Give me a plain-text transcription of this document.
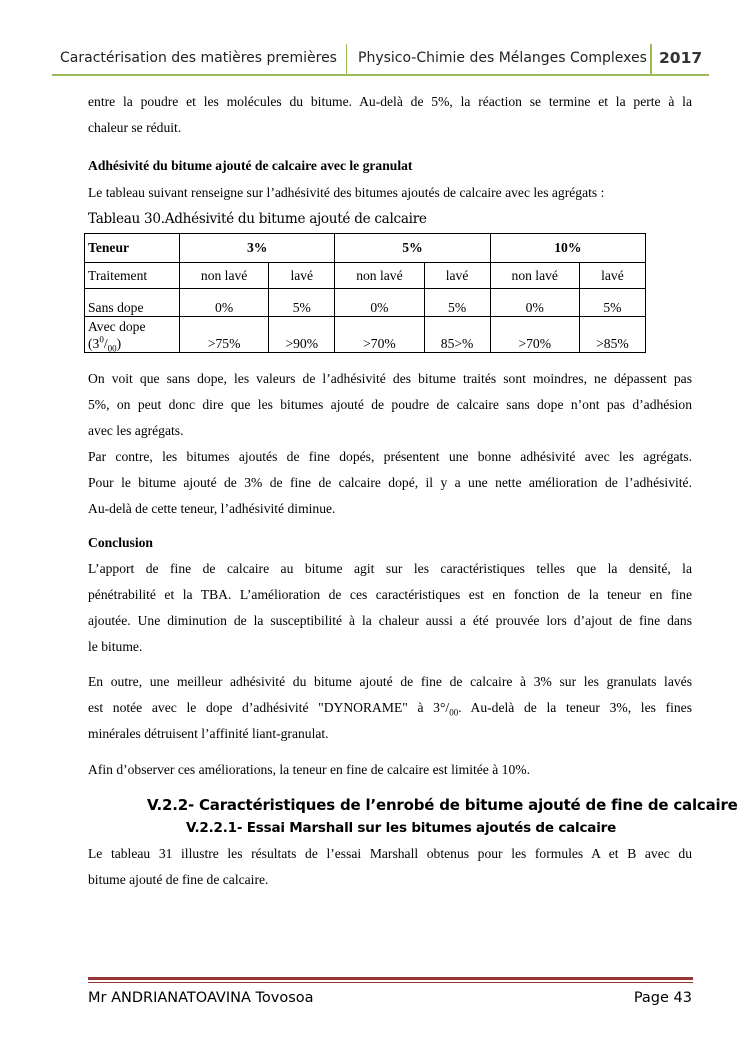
Caractérisation des matières premières Physico-Chimie des Mélanges Complexes 2017
entre la poudre et les molécules du bitume. Au-delà de 5%, la réaction se termine et la perte à la
chaleur se réduit.
Adhésivité du bitume ajouté de calcaire avec le granulat
Le tableau suivant renseigne sur l’adhésivité des bitumes ajoutés de calcaire avec les agrégats :
Tableau 30.Adhésivité du bitume ajouté de calcaire
Teneur	3%		5%		10%	
Traitement	non lavé	lavé	non lavé	lavé	non lavé	lavé
Sans dope	0%	5%	0%	5%	0%	5%
Avec dope
$(3^0/_{00})$	>75%	>90%	>70%	85>%	>70%	>85%
On voit que sans dope, les valeurs de l’adhésivité des bitume traités sont moindres, ne dépassent pas
5%, on peut donc dire que les bitumes ajouté de poudre de calcaire sans dope n’ont pas d’adhésion
avec les agrégats.
Par contre, les bitumes ajoutés de fine dopés, présentent une bonne adhésivité avec les agrégats.
Pour le bitume ajouté de 3% de fine de calcaire dopé, il y a une nette amélioration de l’adhésivité.
Au-delà de cette teneur, l’adhésivité diminue.
Conclusion
L’apport de fine de calcaire au bitume agit sur les caractéristiques telles que la densité, la
pénétrabilité et la TBA. L’amélioration de ces caractéristiques est en fonction de la teneur en fine
ajoutée. Une diminution de la susceptibilité à la chaleur aussi a été prouvée lors d’ajout de fine dans
le bitume.
En outre, une meilleur adhésivité du bitume ajouté de fine de calcaire à 3% sur les granulats lavés
est notée avec le dope d’adhésivité "DYNORAME" à $3^\circ/_{00}$. Au-delà de la teneur 3%, les fines
minérales détruisent l’affinité liant-granulat.
Afin d’observer ces améliorations, la teneur en fine de calcaire est limitée à 10%.
V.2.2- Caractéristiques de l’enrobé de bitume ajouté de fine de calcaire
V.2.2.1- Essai Marshall sur les bitumes ajoutés de calcaire
Le tableau 31 illustre les résultats de l’essai Marshall obtenus pour les formules A et B avec du
bitume ajouté de fine de calcaire.
Mr ANDRIANATOAVINA Tovosoa	Page 43
